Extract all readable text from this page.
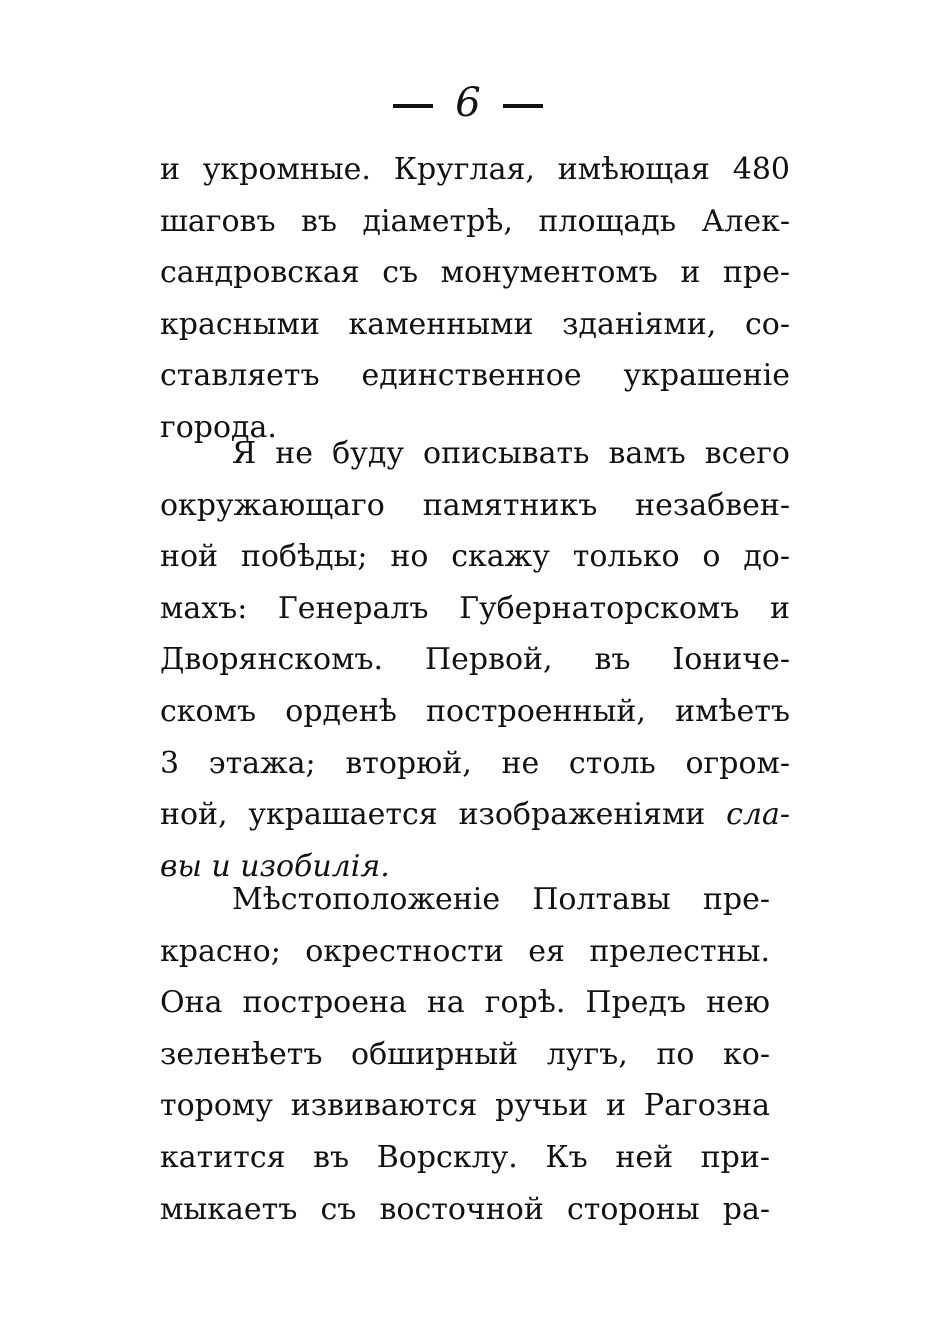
6
и укромные. Круглая, имѣющая 480
шаговъ въ діаметрѣ, площадь Алек-
сандровская съ монументомъ и пре-
красными каменными зданіями, со-
ставляетъ единственное украшеніе
города.
Я не буду описывать вамъ всего
окружающаго памятникъ незабвен-
ной побѣды; но скажу только о до-
махъ: Генералъ Губернаторскомъ и
Дворянскомъ. Первой, въ Іониче-
скомъ орденѣ построенный, имѣетъ
3 этажа; вторюй, не столь огром-
ной, украшается изображеніями сла-
вы и изобилія.
Мѣстоположеніе Полтавы пре-
красно; окрестности ея прелестны.
Она построена на горѣ. Предъ нею
зеленѣетъ обширный лугъ, по ко-
торому извиваются ручьи и Рагозна
катится въ Ворсклу. Къ ней при-
мыкаетъ съ восточной стороны ра-
